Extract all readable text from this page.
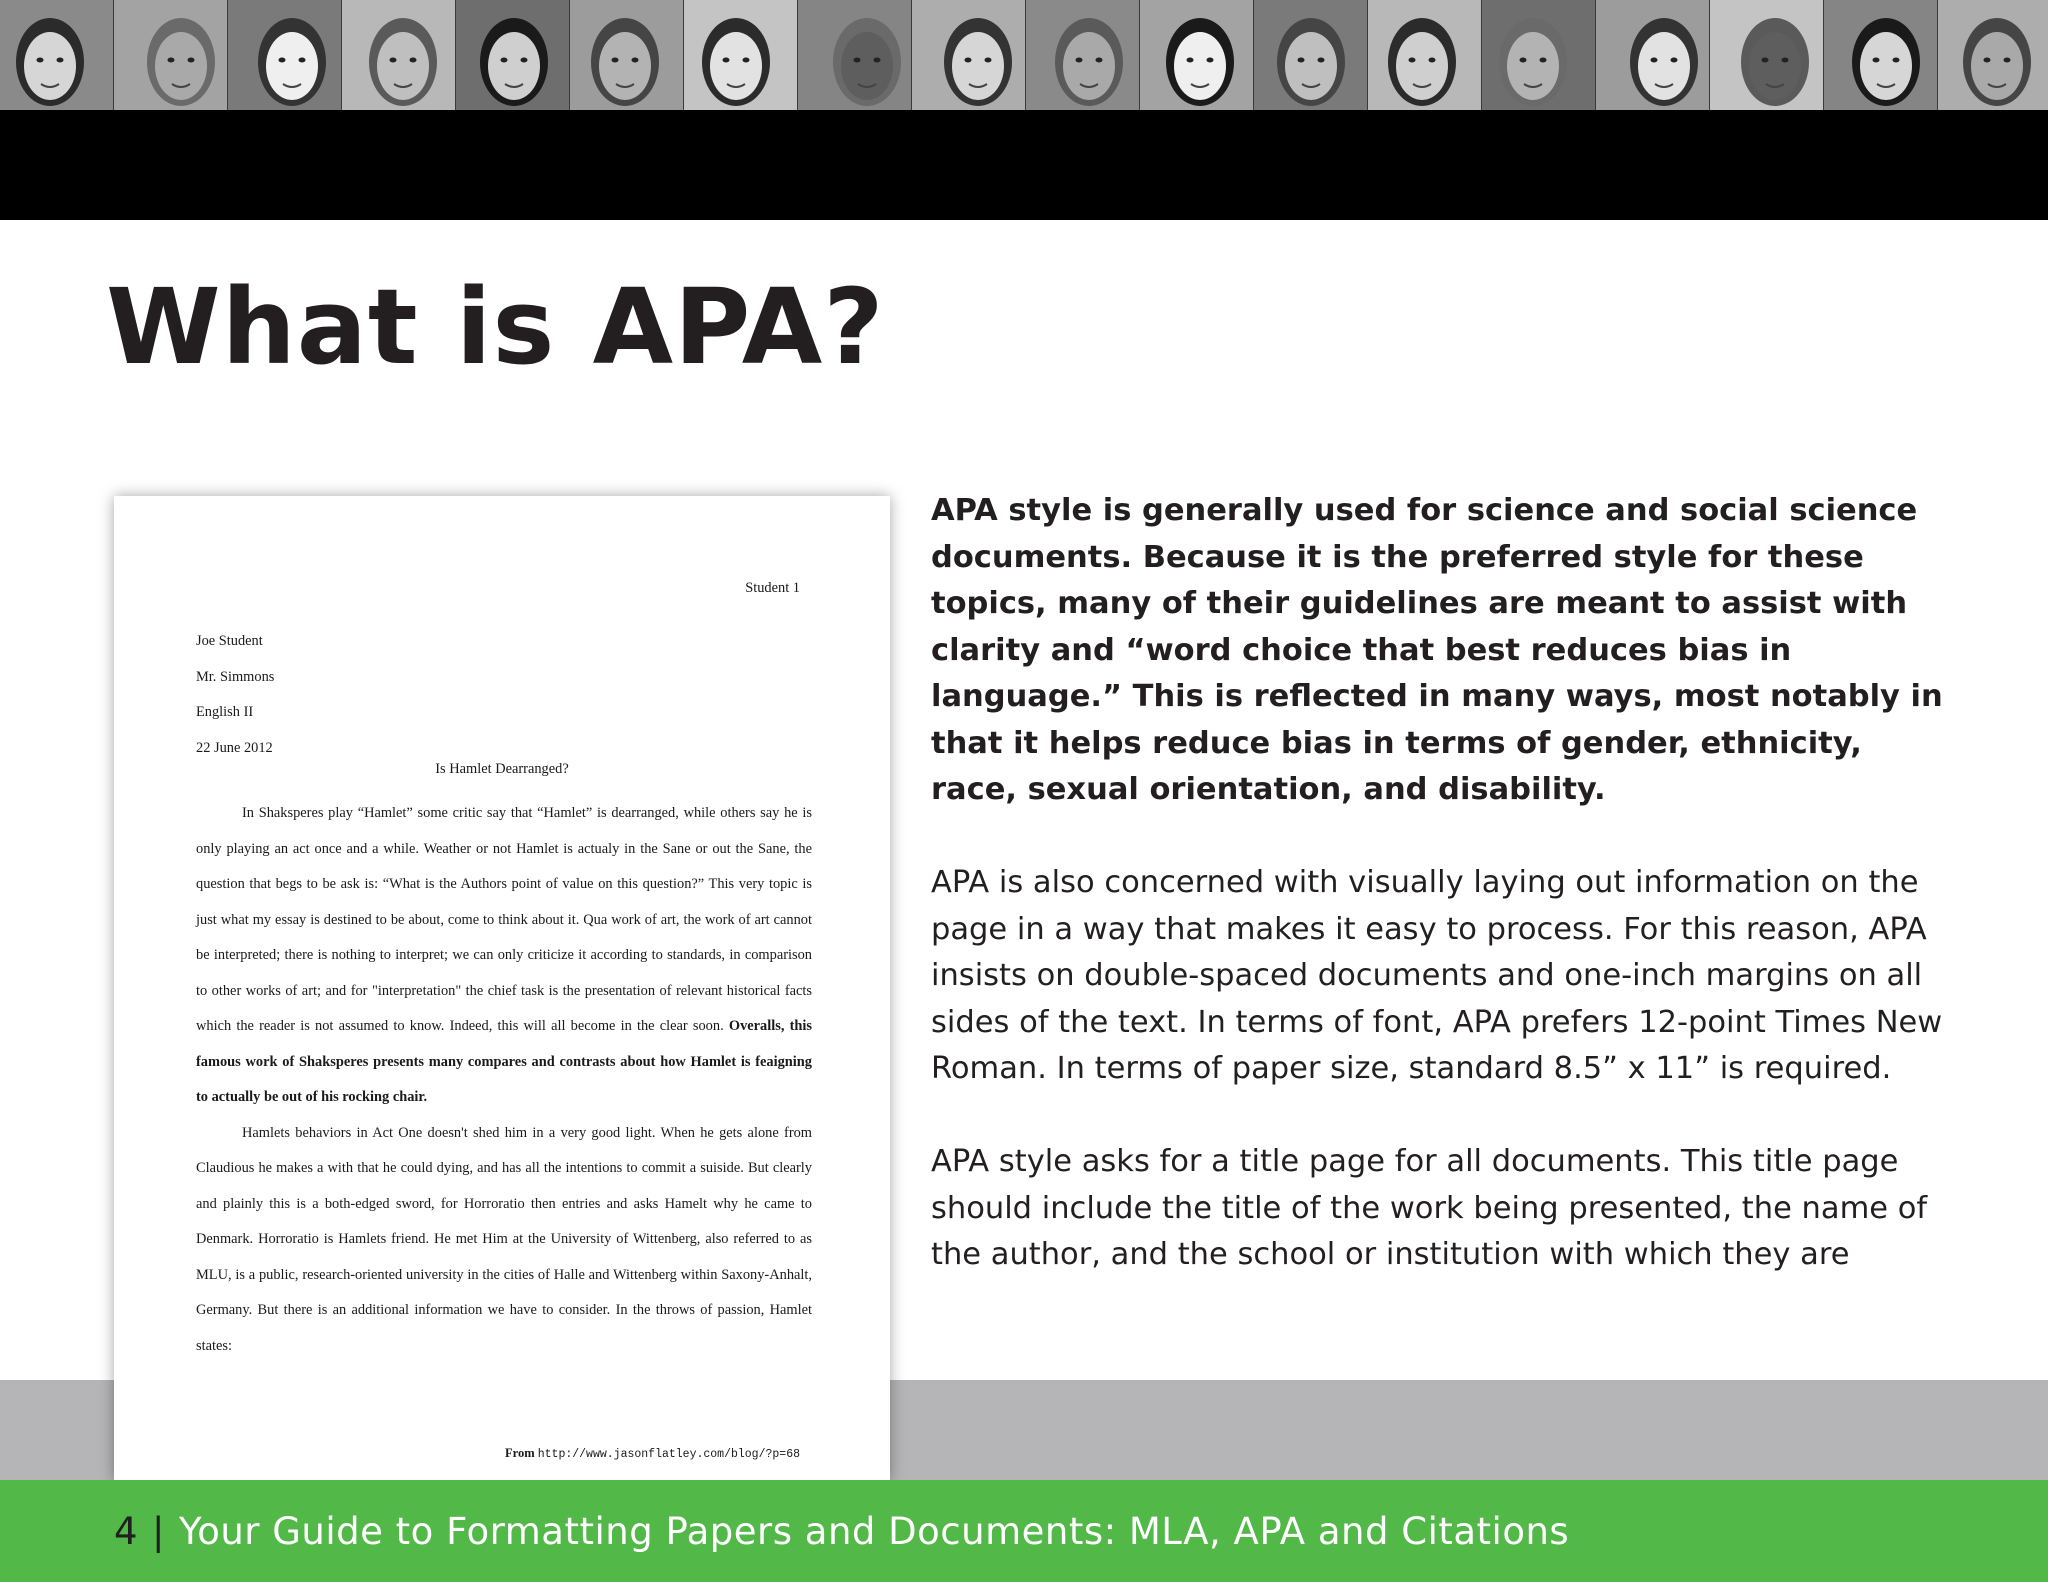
What is APA?
Student 1
Joe Student
Mr. Simmons
English II
22 June 2012
Is Hamlet Dearranged?

In Shaksperes play “Hamlet” some critic say that “Hamlet” is dearranged, while others say he is only playing an act once and a while. Weather or not Hamlet is actualy in the Sane or out the Sane, the question that begs to be ask is: “What is the Authors point of value on this question?” This very topic is just what my essay is destined to be about, come to think about it. Qua work of art, the work of art cannot be interpreted; there is nothing to interpret; we can only criticize it according to standards, in comparison to other works of art; and for "interpretation" the chief task is the presentation of relevant historical facts which the reader is not assumed to know. Indeed, this will all become in the clear soon. Overalls, this famous work of Shaksperes presents many compares and contrasts about how Hamlet is feaigning to actually be out of his rocking chair.

Hamlets behaviors in Act One doesn't shed him in a very good light. When he gets alone from Claudious he makes a with that he could dying, and has all the intentions to commit a suiside. But clearly and plainly this is a both-edged sword, for Horroratio then entries and asks Hamelt why he came to Denmark. Horroratio is Hamlets friend. He met Him at the University of Wittenberg, also referred to as MLU, is a public, research-oriented university in the cities of Halle and Wittenberg within Saxony-Anhalt, Germany. But there is an additional information we have to consider. In the throws of passion, Hamlet states:

From http://www.jasonflatley.com/blog/?p=68

APA style is generally used for science and social science documents. Because it is the preferred style for these topics, many of their guidelines are meant to assist with clarity and “word choice that best reduces bias in language.” This is reflected in many ways, most notably in that it helps reduce bias in terms of gender, ethnicity, race, sexual orientation, and disability.

APA is also concerned with visually laying out information on the page in a way that makes it easy to process. For this reason, APA insists on double-spaced documents and one-inch margins on all sides of the text. In terms of font, APA prefers 12-point Times New Roman. In terms of paper size, standard 8.5” x 11” is required.

APA style asks for a title page for all documents. This title page should include the title of the work being presented, the name of the author, and the school or institution with which they are

4 | Your Guide to Formatting Papers and Documents: MLA, APA and Citations
